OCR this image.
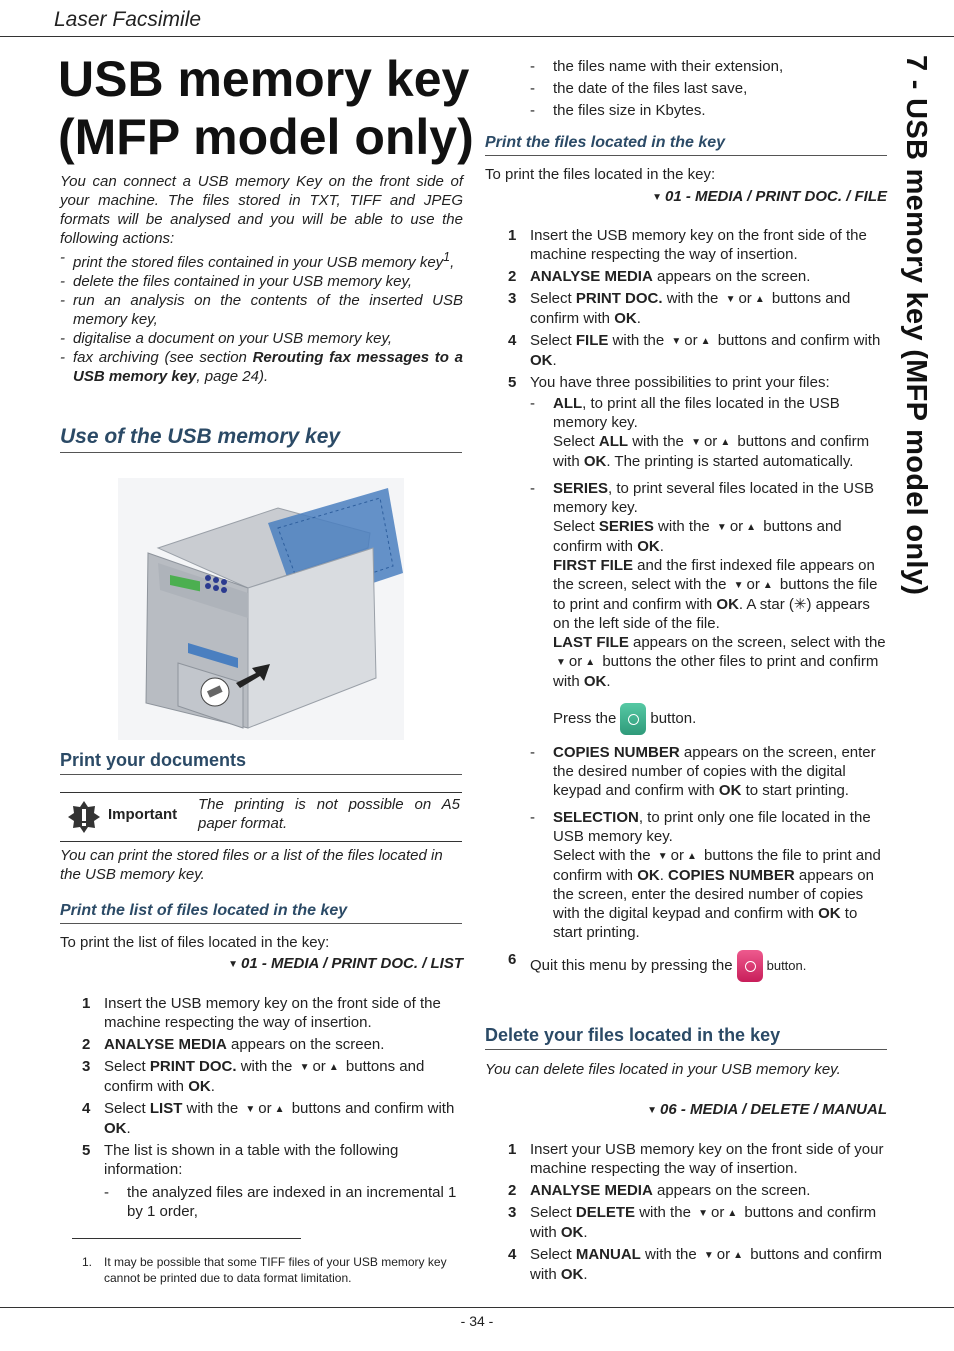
Laser Facsimile
7 - USB memory key (MFP model only)
USB memory key (MFP model only)

You can connect a USB memory Key on the front side of your machine. The files stored in TXT, TIFF and JPEG formats will be analysed and you will be able to use the following actions:

- print the stored files contained in your USB memory key$^1$,
- delete the files contained in your USB memory key,
- run an analysis on the contents of the inserted USB memory key,
- digitalise a document on your USB memory key,
- fax archiving (see section Rerouting fax messages to a USB memory key, page 24).
Use of the USB memory key
Print your documents
Important
The printing is not possible on A5 paper format.
You can print the stored files or a list of the files located in the USB memory key.
Print the list of files located in the key
To print the list of files located in the key:
▼ 01 - MEDIA / PRINT DOC. / LIST
1 Insert the USB memory key on the front side of the machine respecting the way of insertion.
2 ANALYSE MEDIA appears on the screen.
3 Select PRINT DOC. with the ▼ or ▲ buttons and confirm with OK.
4 Select LIST with the ▼ or ▲ buttons and confirm with OK.
5 The list is shown in a table with the following information:
- the analyzed files are indexed in an incremental 1 by 1 order,
1. It may be possible that some TIFF files of your USB memory key cannot be printed due to data format limitation.
- the files name with their extension,
- the date of the files last save,
- the files size in Kbytes.
Print the files located in the key
To print the files located in the key:
▼ 01 - MEDIA / PRINT DOC. / FILE
1 Insert the USB memory key on the front side of the machine respecting the way of insertion.
2 ANALYSE MEDIA appears on the screen.
3 Select PRINT DOC. with the ▼ or ▲ buttons and confirm with OK.
4 Select FILE with the ▼ or ▲ buttons and confirm with OK.
5 You have three possibilities to print your files:
- ALL, to print all the files located in the USB memory key.
Select ALL with the ▼ or ▲ buttons and confirm with OK. The printing is started automatically.
- SERIES, to print several files located in the USB memory key.
Select SERIES with the ▼ or ▲ buttons and confirm with OK.
FIRST FILE and the first indexed file appears on the screen, select with the ▼ or ▲ buttons the file to print and confirm with OK. A star (✳) appears on the left side of the file.
LAST FILE appears on the screen, select with the ▼ or ▲ buttons the other files to print and confirm with OK.

Press the button.
- COPIES NUMBER appears on the screen, enter the desired number of copies with the digital keypad and confirm with OK to start printing.
- SELECTION, to print only one file located in the USB memory key.
Select with the ▼ or ▲ buttons the file to print and confirm with OK. COPIES NUMBER appears on the screen, enter the desired number of copies with the digital keypad and confirm with OK to start printing.
6 Quit this menu by pressing the	button.
Delete your files located in the key
You can delete files located in your USB memory key.
▼ 06 - MEDIA / DELETE / MANUAL
1 Insert your USB memory key on the front side of your machine respecting the way of insertion.
2 ANALYSE MEDIA appears on the screen.
3 Select DELETE with the ▼ or ▲ buttons and confirm with OK.
4 Select MANUAL with the ▼ or ▲ buttons and confirm with OK.
- 34 -
